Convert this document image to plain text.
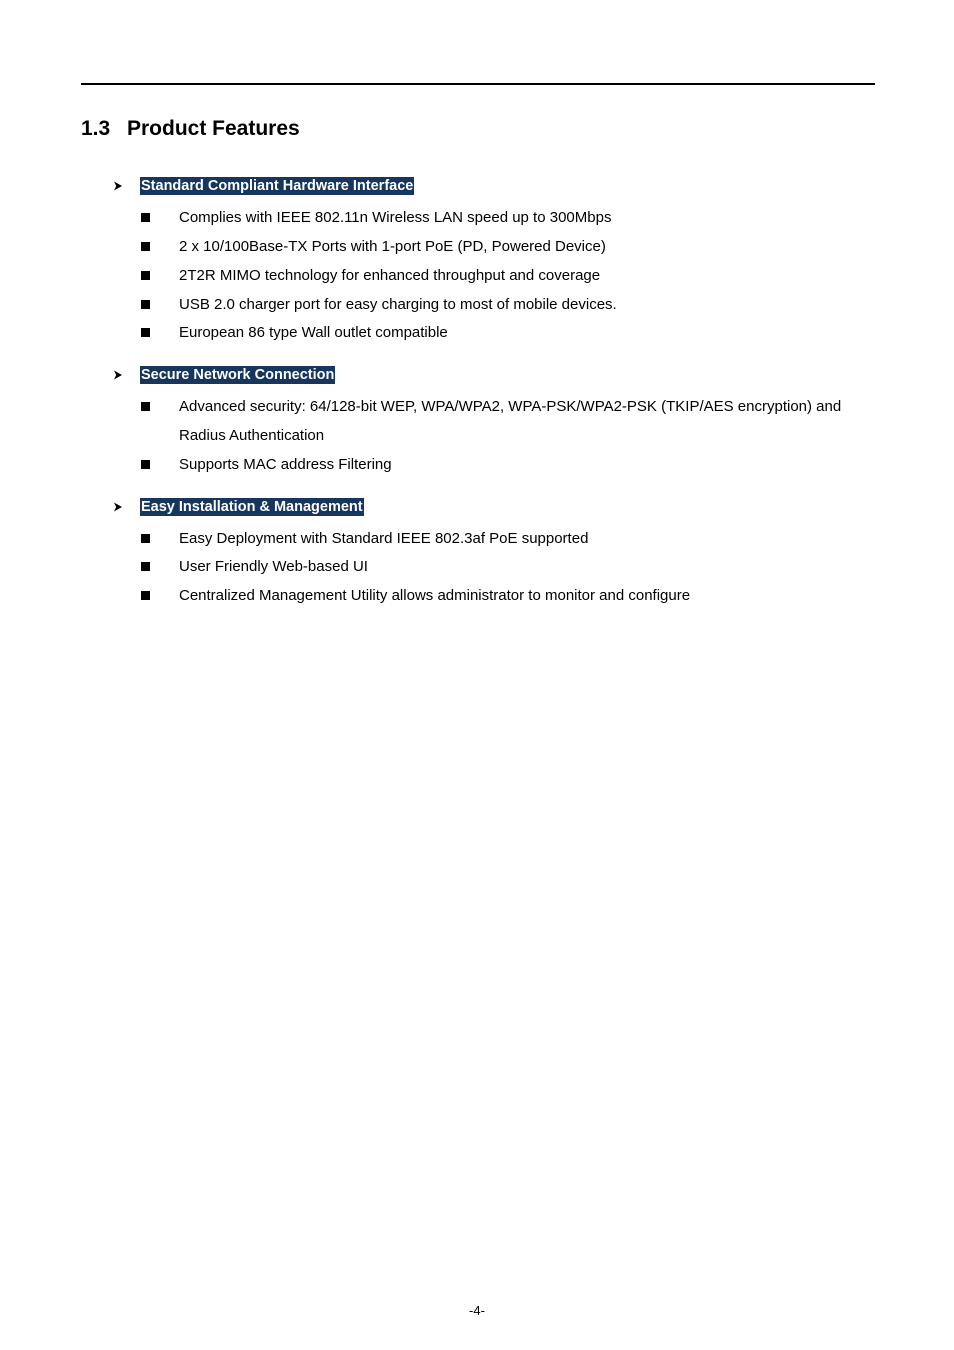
1.3 Product Features
Standard Compliant Hardware Interface
Complies with IEEE 802.11n Wireless LAN speed up to 300Mbps
2 x 10/100Base-TX Ports with 1-port PoE (PD, Powered Device)
2T2R MIMO technology for enhanced throughput and coverage
USB 2.0 charger port for easy charging to most of mobile devices.
European 86 type Wall outlet compatible
Secure Network Connection
Advanced security: 64/128-bit WEP, WPA/WPA2, WPA-PSK/WPA2-PSK (TKIP/AES encryption) and Radius Authentication
Supports MAC address Filtering
Easy Installation & Management
Easy Deployment with Standard IEEE 802.3af PoE supported
User Friendly Web-based UI
Centralized Management Utility allows administrator to monitor and configure
-4-
